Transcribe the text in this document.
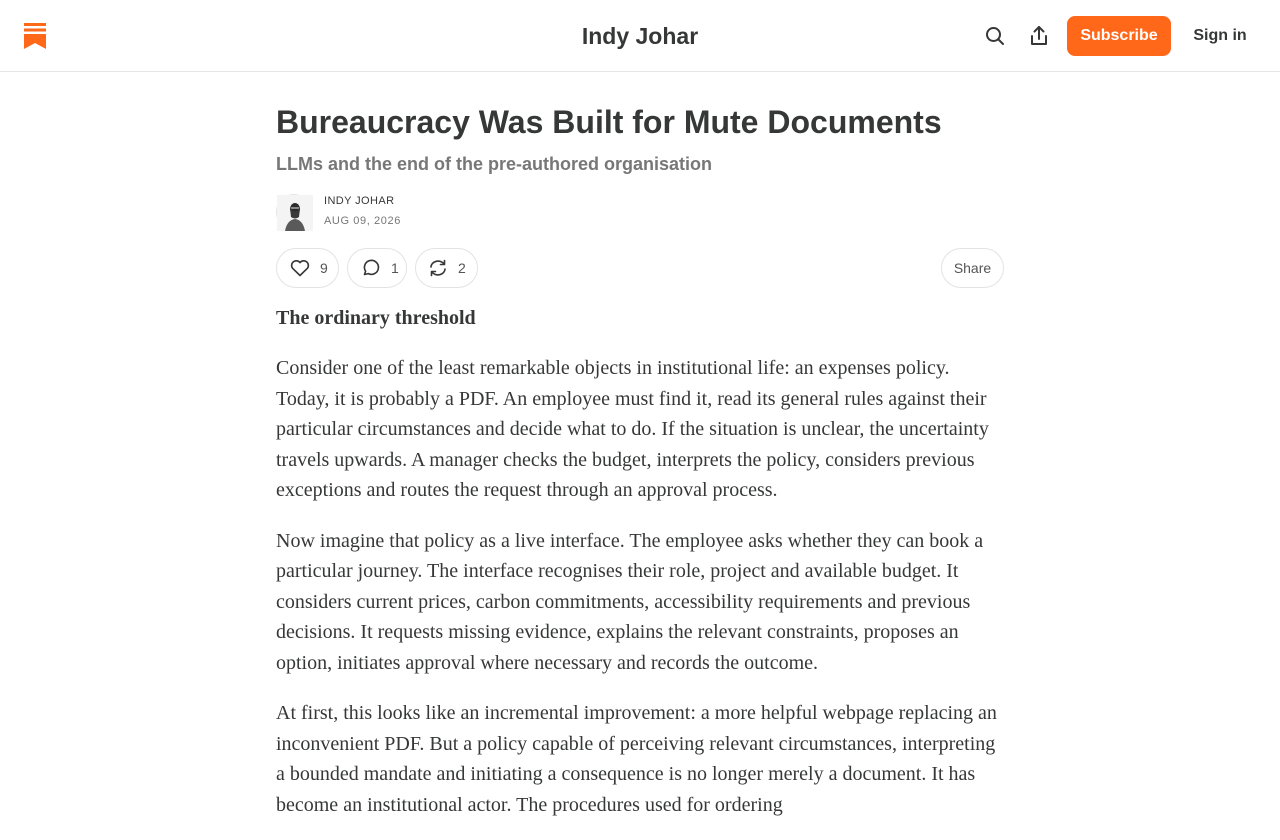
Indy Johar	Subscribe	Sign in
Bureaucracy Was Built for Mute Documents
LLMs and the end of the pre-authored organisation
INDY JOHAR
AUG 09, 2026
9	1	2	Share
The ordinary threshold

Consider one of the least remarkable objects in institutional life: an expenses policy. Today, it is probably a PDF. An employee must find it, read its general rules against their particular circumstances and decide what to do. If the situation is unclear, the uncertainty travels upwards. A manager checks the budget, interprets the policy, considers previous exceptions and routes the request through an approval process.

Now imagine that policy as a live interface. The employee asks whether they can book a particular journey. The interface recognises their role, project and available budget. It considers current prices, carbon commitments, accessibility requirements and previous decisions. It requests missing evidence, explains the relevant constraints, proposes an option, initiates approval where necessary and records the outcome.

At first, this looks like an incremental improvement: a more helpful webpage replacing an inconvenient PDF. But a policy capable of perceiving relevant circumstances, interpreting a bounded mandate and initiating a consequence is no longer merely a document. It has become an institutional actor. The procedures used for ordering
